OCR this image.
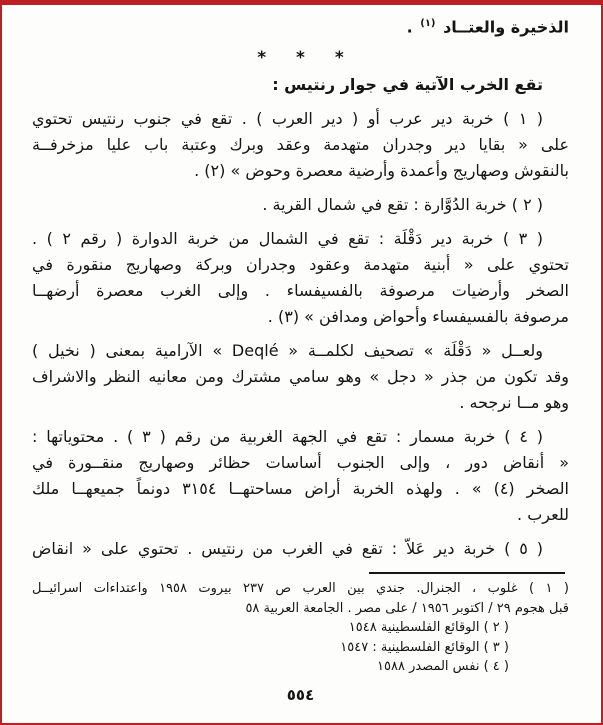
الذخيرة والعتــاد $^{(١)}$ .
* * *
تقع الخرب الآتية في جوار رنتيس :
( ١ ) خربة دير عرب أو ( دير العرب ) . تقع في جنوب رنتيس تحتوي
على « بقايا دير وجدران متهدمة وعقد وبرك وعتبة باب عليا مزخرفــة
بالنقوش وصهاريج وأعمدة وأرضية معصرة وحوض » (٢) .
( ٢ ) خربة الدُوَّارة : تقع في شمال القرية .
( ٣ ) خربة دير دَقْلَة : تقع في الشمال من خربة الدوارة ( رقم ٢ ) .
تحتوي على « أبنية متهدمة وعقود وجدران وبركة وصهاريج منقورة في
الصخر وأرضيات مرصوفة بالفسيفساء . وإلى الغرب معصرة أرضهــا
مرصوفة بالفسيفساء وأحواض ومدافن » (٣) .
ولعــل « دَقْلَة » تصحيف لكلمــة « Deqlé » الآرامية بمعنى ( نخيل )
وقد تكون من جذر « دجل » وهو سامي مشترك ومن معانيه النظر والاشراف
وهو مــا نرجحه .
( ٤ ) خربة مسمار : تقع في الجهة الغربية من رقم ( ٣ ) . محتوياتها :
« أنقاض دور ، وإلى الجنوب أساسات حظائر وصهاريج منقــورة في
الصخر (٤) » . ولهذه الخربة أراض مساحتهــا ٣١٥٤ دونماً جميعهــا ملك
للعرب .
( ٥ ) خربة دير عَلاّ : تقع في الغرب من رنتيس . تحتوي على « انقاض
( ١ ) غلوب ، الجنرال. جندي بين العرب ص ٢٣٧ بيروت ١٩٥٨ واعتداءات اسرائيــل
قبل هجوم ٢٩ / اكتوبر ١٩٥٦ / على مصر . الجامعة العربية ٥٨
( ٢ ) الوقائع الفلسطينية ١٥٤٨
( ٣ ) الوقائع الفلسطينية : ١٥٤٧
( ٤ ) نفس المصدر ١٥٨٨
٥٥٤
